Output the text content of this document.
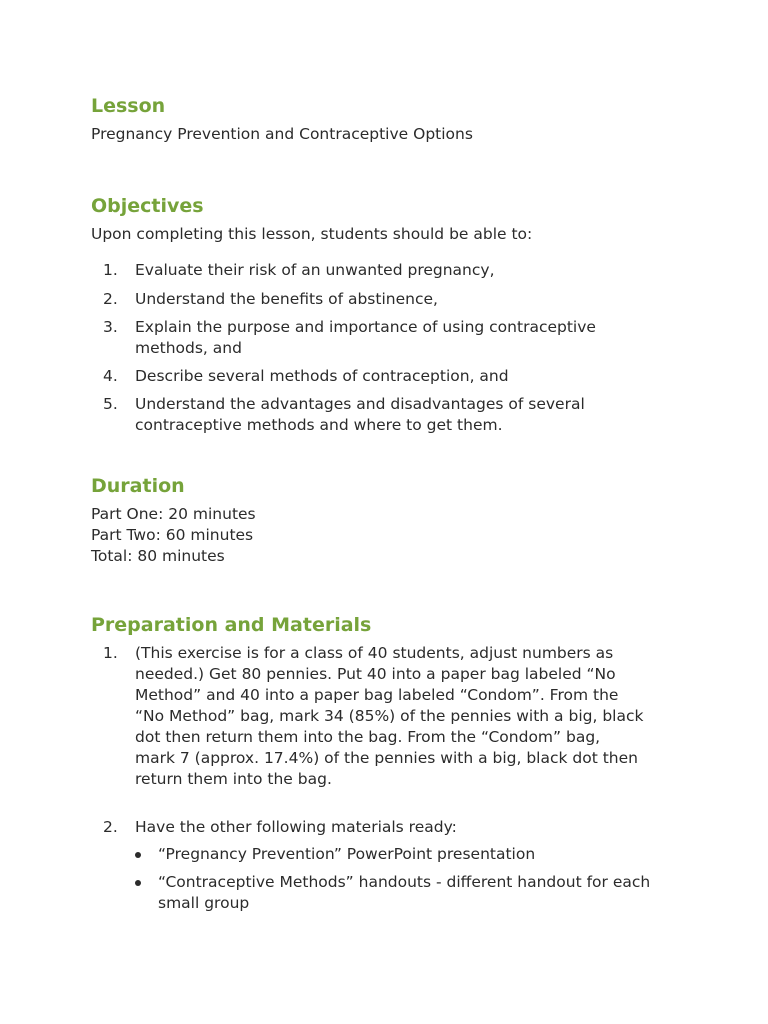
Lesson

Pregnancy Prevention and Contraceptive Options

Objectives

Upon completing this lesson, students should be able to:

1. Evaluate their risk of an unwanted pregnancy,
2. Understand the benefits of abstinence,
3. Explain the purpose and importance of using contraceptive
methods, and
4. Describe several methods of contraception, and
5. Understand the advantages and disadvantages of several
contraceptive methods and where to get them.
Duration

Part One: 20 minutes

Part Two: 60 minutes

Total: 80 minutes

Preparation and Materials
1. (This exercise is for a class of 40 students, adjust numbers as
needed.) Get 80 pennies. Put 40 into a paper bag labeled “No
Method” and 40 into a paper bag labeled “Condom”. From the
“No Method” bag, mark 34 (85%) of the pennies with a big, black
dot then return them into the bag. From the “Condom” bag,
mark 7 (approx. 17.4%) of the pennies with a big, black dot then
return them into the bag.
2. Have the other following materials ready:
“Pregnancy Prevention” PowerPoint presentation
“Contraceptive Methods” handouts - different handout for each small group
